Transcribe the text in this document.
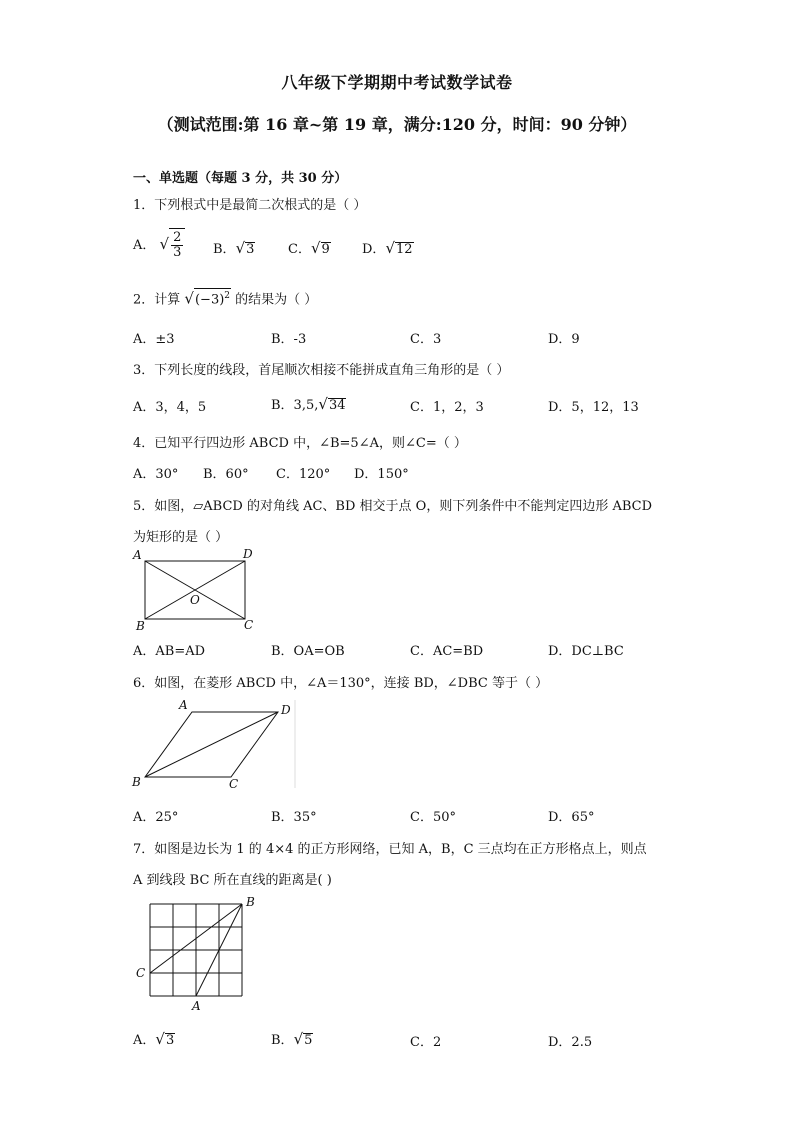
八年级下学期期中考试数学试卷
（测试范围:第 16 章~第 19 章，满分:120 分，时间：90 分钟）
一、单选题（每题 3 分，共 30 分）
1．下列根式中是最简二次根式的是（ ）
A． √ $\frac{2}{3}$ B．√3	C．√9 D．√12
2．计算 $√(-3)^2$ 的结果为（ ）
A．±3	B．-3	C．3	D．9
3．下列长度的线段，首尾顺次相接不能拼成直角三角形的是（ ）
A．3，4，5	B．3,5,√34	C．1，2，3	D．5，12，13
4．已知平行四边形 ABCD 中，∠B=5∠A，则∠C=（ ）
A．30° B．60° C．120° D．150°
5．如图，▱ABCD 的对角线 AC、BD 相交于点 O，则下列条件中不能判定四边形 ABCD
为矩形的是（ ）
A	D
O
B	C
A．AB=AD	B．OA=OB	C．AC=BD	D．DC⊥BC
6．如图，在菱形 ABCD 中，∠A＝130°，连接 BD，∠DBC 等于（ ）
A	D
B	C
A．25°	B．35°	C．50°	D．65°
7．如图是边长为 1 的 4×4 的正方形网络，已知 A，B，C 三点均在正方形格点上，则点
A 到线段 BC 所在直线的距离是( )
B
C
A
A．√3	B．√5	C．2	D．2.5
